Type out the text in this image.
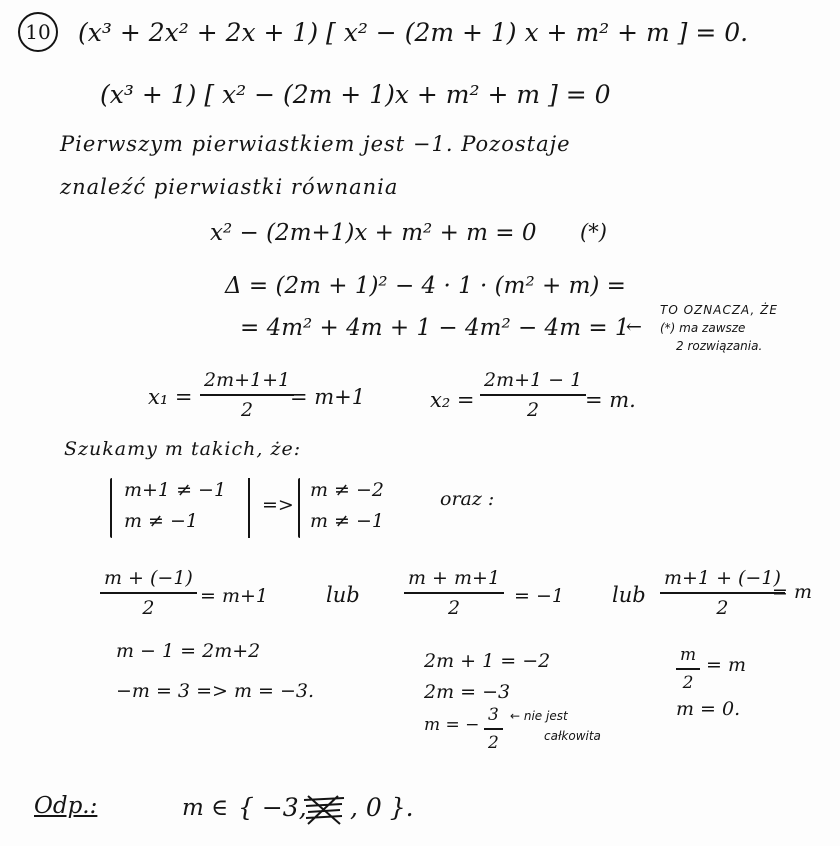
10 (x³ + 2x² + 2x + 1) [ x² − (2m + 1) x + m² + m ] = 0.
(x³ + 1) [ x² − (2m + 1)x + m² + m ] = 0
Pierwszym pierwiastkiem jest −1. Pozostaje
znaleźć pierwiastki równania
x² − (2m+1)x + m² + m = 0 (*)
Δ = (2m + 1)² − 4 · 1 · (m² + m) =
= 4m² + 4m + 1 − 4m² − 4m = 1
←
TO OZNACZA, ŻE
(*) ma zawsze
2 rozwiązania.
x₁ =
2m+1+1
2
= m+1	x₂ =
2m+1 − 1
2	= m.
Szukamy m takich, że:
m+1 ≠ −1
m ≠ −1
=>
m ≠ −2
m ≠ −1
oraz :
m + (−1)
2
= m+1	lub
m + m+1
2
= −1 lub
m+1 + (−1)
2
= m
m − 1 = 2m+2
−m = 3 => m = −3.
2m + 1 = −2
2m = −3
m = − 3
2
← nie jest
całkowita
m
2
= m
m = 0.
Odp.:	m ∈ { −3, , 0 }.
